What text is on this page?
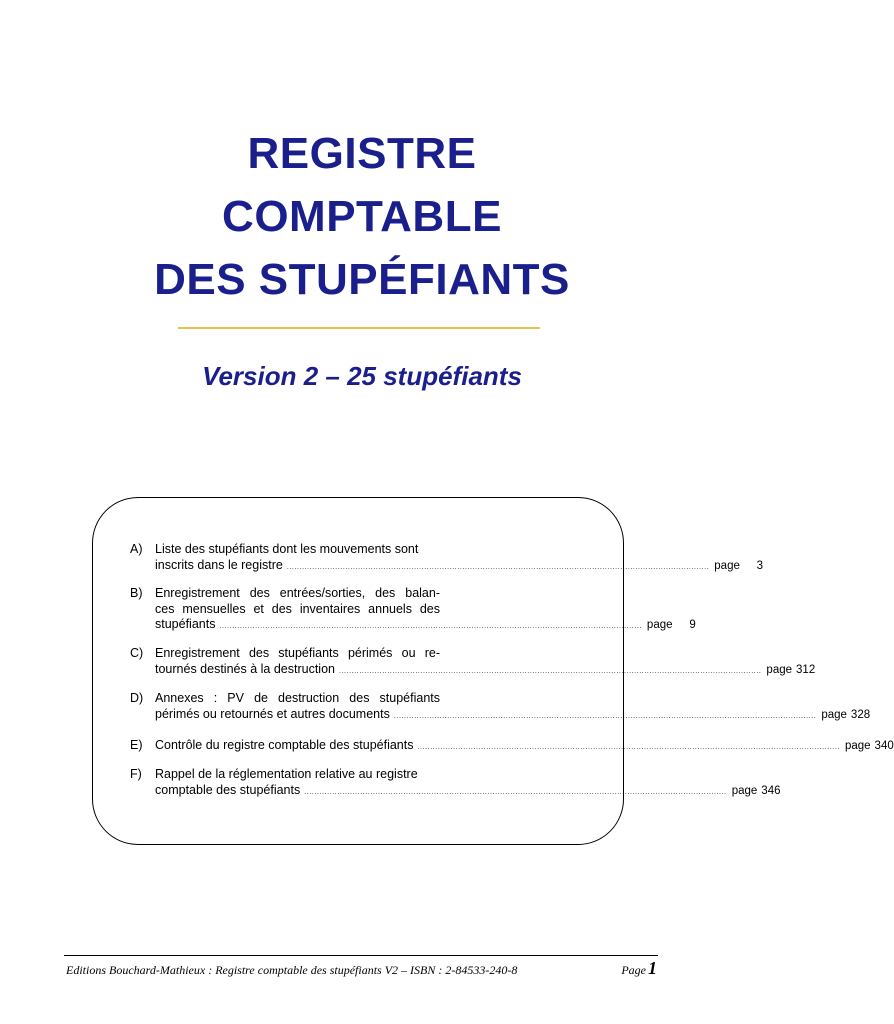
REGISTRE
COMPTABLE
DES STUPÉFIANTS
Version 2 – 25 stupéfiants
A)	Liste des stupéfiants dont les mouvements sont
inscrits dans le registre ...................................................................................................................................................................... page 3
B)	Enregistrement des entrées/sorties, des balan-
ces mensuelles et des inventaires annuels des
stupéfiants ...................................................................................................................................................................... page 9
C) Enregistrement des stupéfiants périmés ou re-
tournés destinés à la destruction ...................................................................................................................................................................... page 312
D) Annexes : PV de destruction des stupéfiants
périmés ou retournés et autres documents ...................................................................................................................................................................... page 328
E)	Contrôle du registre comptable des stupéfiants ...................................................................................................................................................................... page 340
F)	Rappel de la réglementation relative au registre
comptable des stupéfiants ...................................................................................................................................................................... page 346
Editions Bouchard-Mathieux : Registre comptable des stupéfiants V2 – ISBN : 2-84533-240-8	Page 1
